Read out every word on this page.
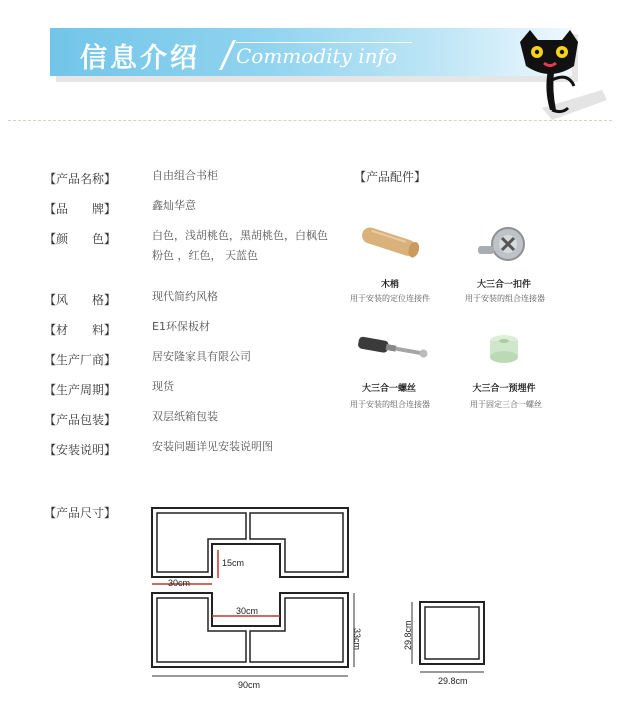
信息介绍 Commodity info
【产品名称】	自由组合书柜
【品　　牌】	鑫灿华意
【颜　　色】	白色，浅胡桃色，黑胡桃色，白枫色
粉色 ，红色， 天蓝色
【风　　格】	现代简约风格
【材　　料】	E1环保板材
【生产厂商】	居安隆家具有限公司
【生产周期】	现货
【产品包装】	双层纸箱包装
【安装说明】	安装问题详见安装说明图
【产品配件】
木梢
用于安装的定位连接件
大三合一扣件
用于安装的组合连接器
大三合一螺丝
用于安装的组合连接器
大三合一预埋件
用于固定三合一螺丝
【产品尺寸】
15cm
30cm
30cm
33cm
90cm
29.8cm
29.8cm
